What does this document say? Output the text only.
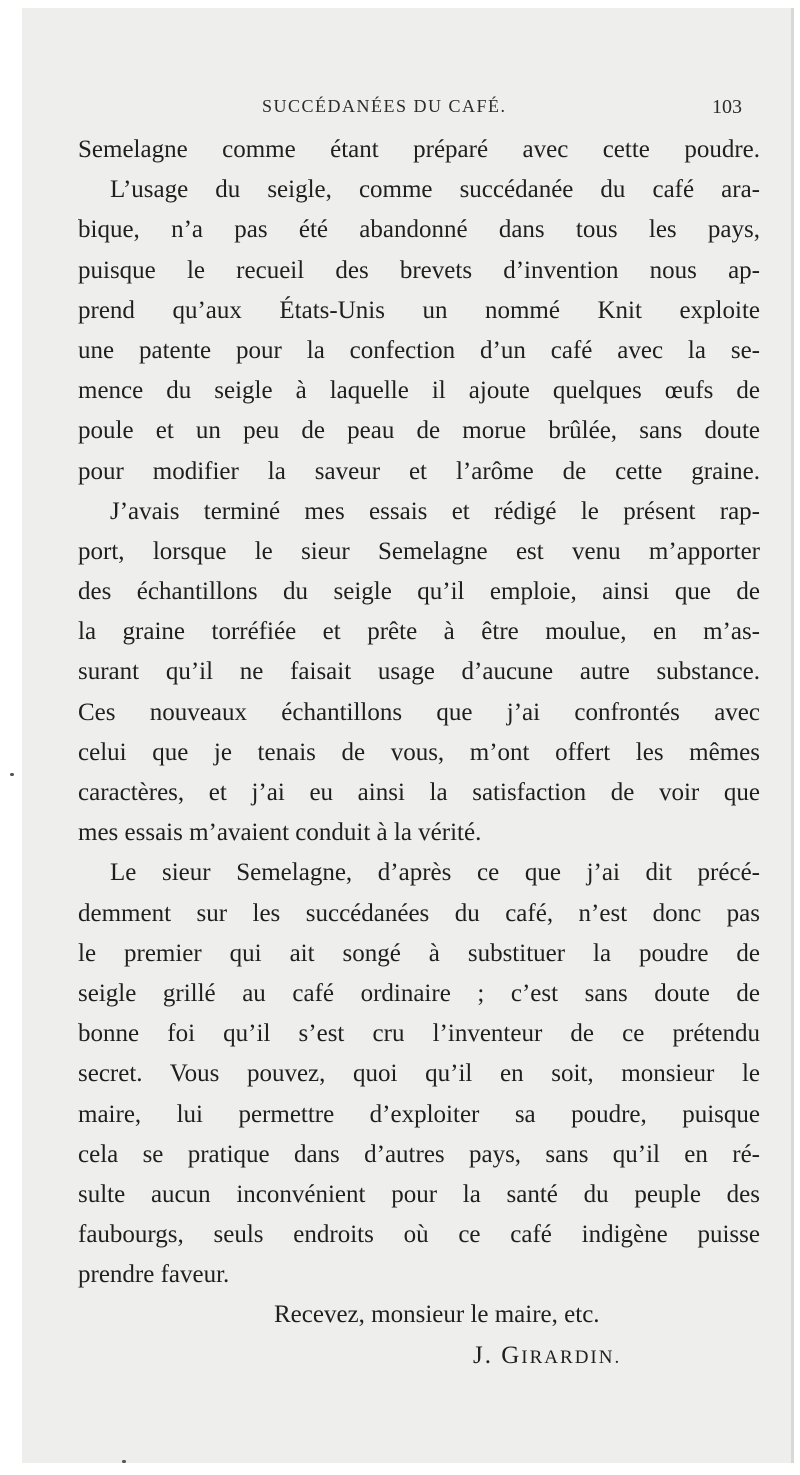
SUCCÉDANÉES DU CAFÉ.	103
Semelagne comme étant préparé avec cette poudre.
L’usage du seigle, comme succédanée du café ara-
bique, n’a pas été abandonné dans tous les pays,
puisque le recueil des brevets d’invention nous ap-
prend qu’aux États-Unis un nommé Knit exploite
une patente pour la confection d’un café avec la se-
mence du seigle à laquelle il ajoute quelques œufs de
poule et un peu de peau de morue brûlée, sans doute
pour modifier la saveur et l’arôme de cette graine.
J’avais terminé mes essais et rédigé le présent rap-
port, lorsque le sieur Semelagne est venu m’apporter
des échantillons du seigle qu’il emploie, ainsi que de
la graine torréfiée et prête à être moulue, en m’as-
surant qu’il ne faisait usage d’aucune autre substance.
Ces nouveaux échantillons que j’ai confrontés avec
celui que je tenais de vous, m’ont offert les mêmes
caractères, et j’ai eu ainsi la satisfaction de voir que
mes essais m’avaient conduit à la vérité.
Le sieur Semelagne, d’après ce que j’ai dit précé-
demment sur les succédanées du café, n’est donc pas
le premier qui ait songé à substituer la poudre de
seigle grillé au café ordinaire ; c’est sans doute de
bonne foi qu’il s’est cru l’inventeur de ce prétendu
secret. Vous pouvez, quoi qu’il en soit, monsieur le
maire, lui permettre d’exploiter sa poudre, puisque
cela se pratique dans d’autres pays, sans qu’il en ré-
sulte aucun inconvénient pour la santé du peuple des
faubourgs, seuls endroits où ce café indigène puisse
prendre faveur.
Recevez, monsieur le maire, etc.
J. GIRARDIN.
